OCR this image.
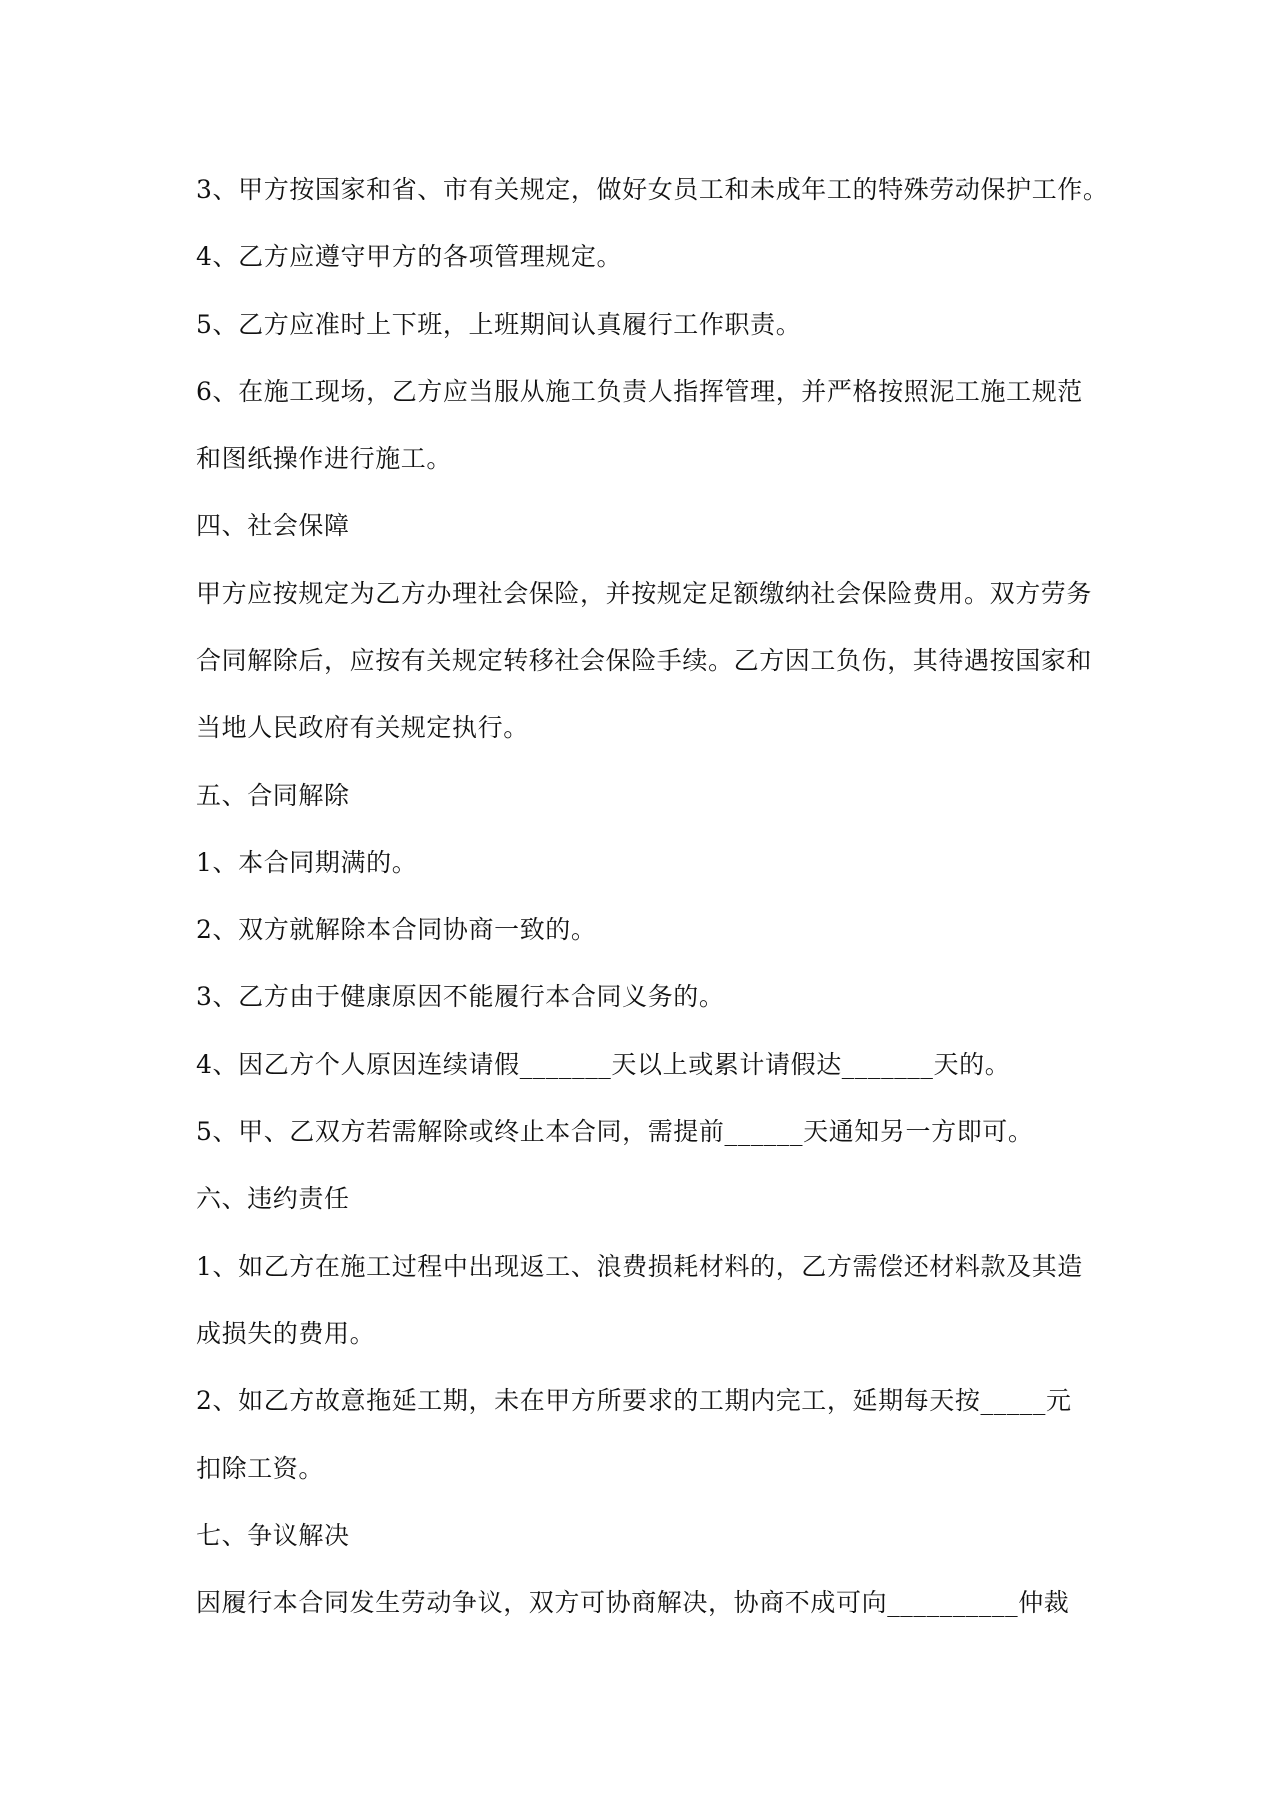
3、甲方按国家和省、市有关规定，做好女员工和未成年工的特殊劳动保护工作。
4、乙方应遵守甲方的各项管理规定。
5、乙方应准时上下班，上班期间认真履行工作职责。
6、在施工现场，乙方应当服从施工负责人指挥管理，并严格按照泥工施工规范
和图纸操作进行施工。
四、社会保障
甲方应按规定为乙方办理社会保险，并按规定足额缴纳社会保险费用。双方劳务
合同解除后，应按有关规定转移社会保险手续。乙方因工负伤，其待遇按国家和
当地人民政府有关规定执行。
五、合同解除
1、本合同期满的。
2、双方就解除本合同协商一致的。
3、乙方由于健康原因不能履行本合同义务的。
4、因乙方个人原因连续请假_______天以上或累计请假达_______天的。
5、甲、乙双方若需解除或终止本合同，需提前______天通知另一方即可。
六、违约责任
1、如乙方在施工过程中出现返工、浪费损耗材料的，乙方需偿还材料款及其造
成损失的费用。
2、如乙方故意拖延工期，未在甲方所要求的工期内完工，延期每天按_____元
扣除工资。
七、争议解决
因履行本合同发生劳动争议，双方可协商解决，协商不成可向__________仲裁
